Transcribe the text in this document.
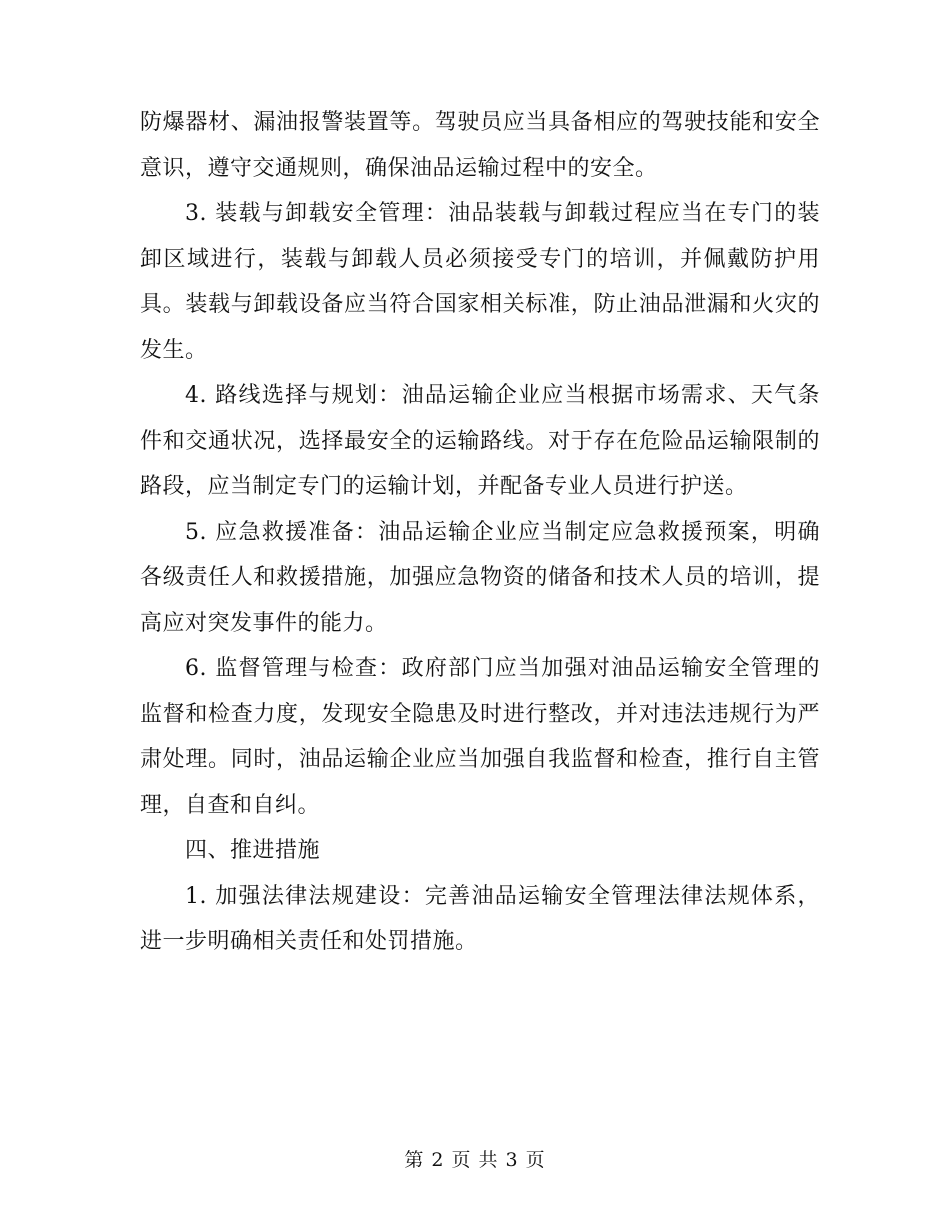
防爆器材、漏油报警装置等。驾驶员应当具备相应的驾驶技能和安全意识，遵守交通规则，确保油品运输过程中的安全。

3. 装载与卸载安全管理：油品装载与卸载过程应当在专门的装卸区域进行，装载与卸载人员必须接受专门的培训，并佩戴防护用具。装载与卸载设备应当符合国家相关标准，防止油品泄漏和火灾的发生。

4. 路线选择与规划：油品运输企业应当根据市场需求、天气条件和交通状况，选择最安全的运输路线。对于存在危险品运输限制的路段，应当制定专门的运输计划，并配备专业人员进行护送。

5. 应急救援准备：油品运输企业应当制定应急救援预案，明确各级责任人和救援措施，加强应急物资的储备和技术人员的培训，提高应对突发事件的能力。

6. 监督管理与检查：政府部门应当加强对油品运输安全管理的监督和检查力度，发现安全隐患及时进行整改，并对违法违规行为严肃处理。同时，油品运输企业应当加强自我监督和检查，推行自主管理，自查和自纠。

四、推进措施

1. 加强法律法规建设：完善油品运输安全管理法律法规体系，进一步明确相关责任和处罚措施。

第 2 页 共 3 页
